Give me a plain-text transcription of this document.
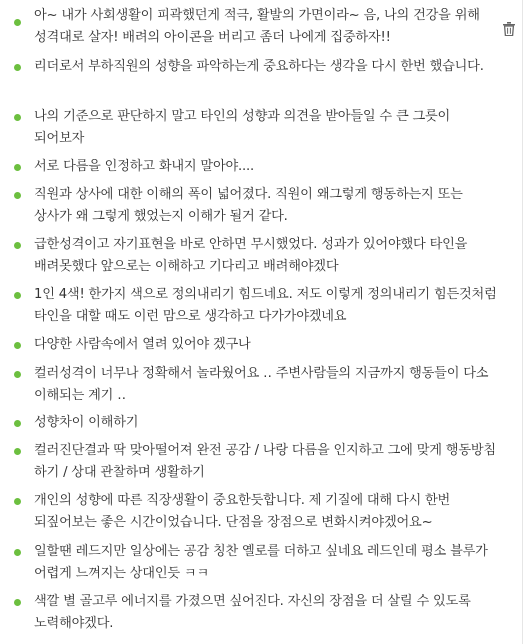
아~ 내가 사회생활이 피곽했던게 적극, 활발의 가면이라~ 음, 나의 건강을 위해 성격대로 살자! 배려의 아이콘을 버리고 좀더 나에게 집중하자!!
리더로서 부하직원의 성향을 파악하는게 중요하다는 생각을 다시 한번 했습니다.
나의 기준으로 판단하지 말고 타인의 성향과 의견을 받아들일 수 큰 그릇이 되어보자
서로 다름을 인정하고 화내지 말아야....
직원과 상사에 대한 이해의 폭이 넓어졌다. 직원이 왜그렇게 행동하는지 또는 상사가 왜 그렇게 했었는지 이해가 될거 같다.
급한성격이고 자기표현을 바로 안하면 무시했었다. 성과가 있어야했다 타인을 배려못했다 앞으로는 이해하고 기다리고 배려해야겠다
1인 4색! 한가지 색으로 정의내리기 힘드네요. 저도 이렇게 정의내리기 힘든것처럼 타인을 대할 때도 이런 맘으로 생각하고 다가가야겠네요
다양한 사람속에서 열려 있어야 겠구나
컬러성격이 너무나 정확해서 놀라웠어요 ‥ 주변사람들의 지금까지 행동들이 다소 이해되는 계기 ‥
성향차이 이해하기
컬러진단결과 딱 맞아떨어져 완전 공감 / 나랑 다름을 인지하고 그에 맞게 행동방침 하기 / 상대 관찰하며 생활하기
개인의 성향에 따른 직장생활이 중요한듯합니다. 제 기질에 대해 다시 한번 되짚어보는 좋은 시간이었습니다. 단점을 장점으로 변화시켜야겠어요~
일할땐 레드지만 일상에는 공감 칭찬 옐로를 더하고 싶네요 레드인데 평소 블루가 어렵게 느껴지는 상대인듯 ㅋㅋ
색깔 별 골고루 에너지를 가졌으면 싶어진다. 자신의 장점을 더 살릴 수 있도록 노력해야겠다.
